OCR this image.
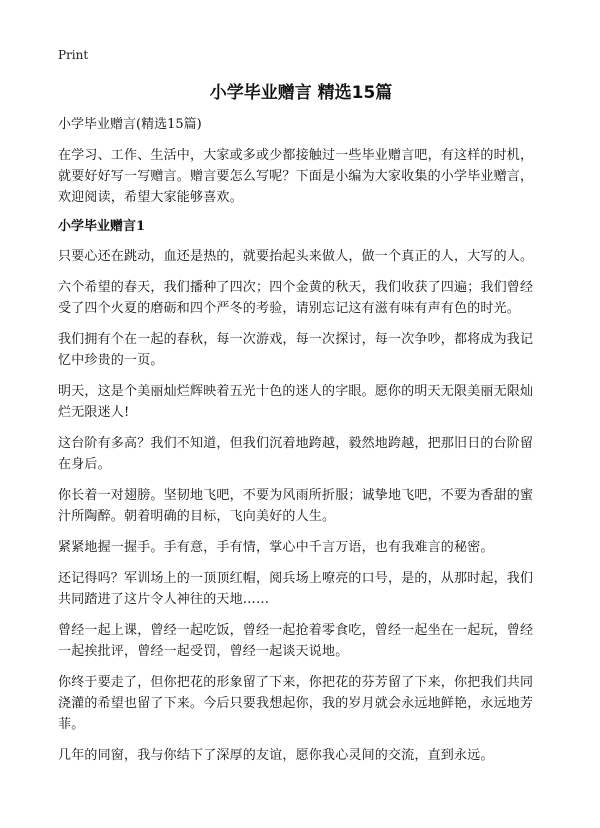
Print
小学毕业赠言 精选15篇
小学毕业赠言(精选15篇)

在学习、工作、生活中，大家或多或少都接触过一些毕业赠言吧，有这样的时机，就要好好写一写赠言。赠言要怎么写呢？下面是小编为大家收集的小学毕业赠言，欢迎阅读，希望大家能够喜欢。

小学毕业赠言1

只要心还在跳动，血还是热的，就要抬起头来做人，做一个真正的人，大写的人。

六个希望的春天，我们播种了四次；四个金黄的秋天，我们收获了四遍；我们曾经受了四个火夏的磨砺和四个严冬的考验，请别忘记这有滋有味有声有色的时光。

我们拥有个在一起的春秋，每一次游戏，每一次探讨，每一次争吵，都将成为我记忆中珍贵的一页。

明天，这是个美丽灿烂辉映着五光十色的迷人的字眼。愿你的明天无限美丽无限灿烂无限迷人!

这台阶有多高？我们不知道，但我们沉着地跨越，毅然地跨越，把那旧日的台阶留在身后。

你长着一对翅膀。坚韧地飞吧，不要为风雨所折服；诚挚地飞吧，不要为香甜的蜜汁所陶醉。朝着明确的目标，飞向美好的人生。

紧紧地握一握手。手有意，手有情，掌心中千言万语，也有我难言的秘密。

还记得吗？军训场上的一顶顶红帽，阅兵场上嘹亮的口号，是的，从那时起，我们共同踏进了这片令人神往的天地……

曾经一起上课，曾经一起吃饭，曾经一起抢着零食吃，曾经一起坐在一起玩，曾经一起挨批评，曾经一起受罚，曾经一起谈天说地。

你终于要走了，但你把花的形象留了下来，你把花的芬芳留了下来，你把我们共同浇灌的希望也留了下来。今后只要我想起你，我的岁月就会永远地鲜艳，永远地芳菲。

几年的同窗，我与你结下了深厚的友谊，愿你我心灵间的交流，直到永远。
